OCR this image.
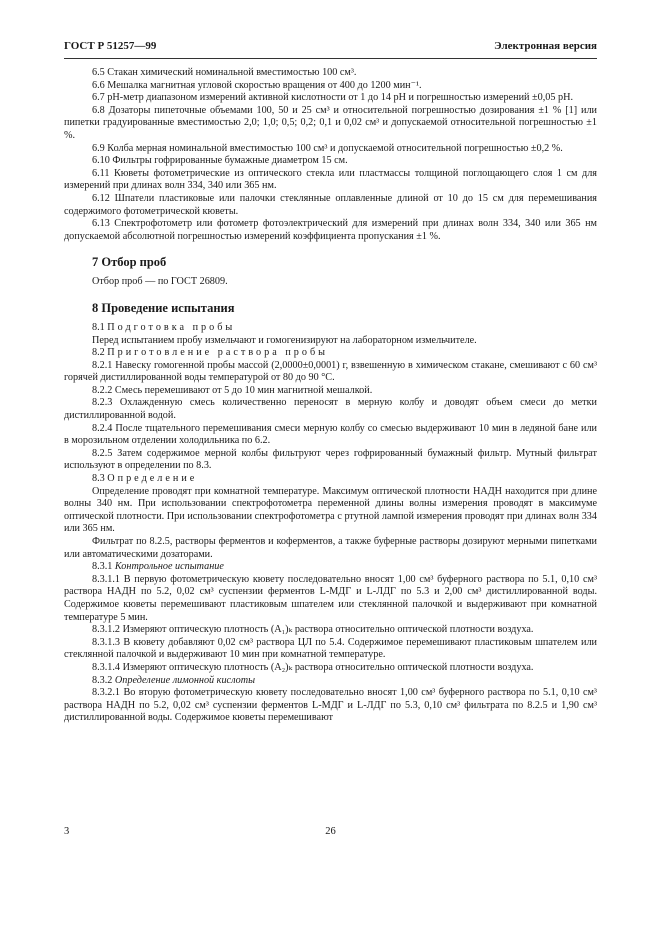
ГОСТ Р 51257—99	Электронная версия

6.5 Стакан химический номинальной вместимостью 100 см³.

6.6 Мешалка магнитная угловой скоростью вращения от 400 до 1200 мин⁻¹.

6.7 pH-метр диапазоном измерений активной кислотности от 1 до 14 pH и погрешностью измерений ±0,05 pH.

6.8 Дозаторы пипеточные объемами 100, 50 и 25 см³ и относительной погрешностью дозирования ±1 % [1] или пипетки градуированные вместимостью 2,0; 1,0; 0,5; 0,2; 0,1 и 0,02 см³ и допускаемой относительной погрешностью ±1 %.

6.9 Колба мерная номинальной вместимостью 100 см³ и допускаемой относительной погрешностью ±0,2 %.

6.10 Фильтры гофрированные бумажные диаметром 15 см.

6.11 Кюветы фотометрические из оптического стекла или пластмассы толщиной поглощающего слоя 1 см для измерений при длинах волн 334, 340 или 365 нм.

6.12 Шпатели пластиковые или палочки стеклянные оплавленные длиной от 10 до 15 см для перемешивания содержимого фотометрической кюветы.

6.13 Спектрофотометр или фотометр фотоэлектрический для измерений при длинах волн 334, 340 или 365 нм допускаемой абсолютной погрешностью измерений коэффициента пропускания ±1 %.

7 Отбор проб

Отбор проб — по ГОСТ 26809.

8 Проведение испытания

8.1 Подготовка пробы

Перед испытанием пробу измельчают и гомогенизируют на лабораторном измельчителе.

8.2 Приготовление раствора пробы

8.2.1 Навеску гомогенной пробы массой (2,0000±0,0001) г, взвешенную в химическом стакане, смешивают с 60 см³ горячей дистиллированной воды температурой от 80 до 90 °С.

8.2.2 Смесь перемешивают от 5 до 10 мин магнитной мешалкой.

8.2.3 Охлажденную смесь количественно переносят в мерную колбу и доводят объем смеси до метки дистиллированной водой.

8.2.4 После тщательного перемешивания смеси мерную колбу со смесью выдерживают 10 мин в ледяной бане или в морозильном отделении холодильника по 6.2.

8.2.5 Затем содержимое мерной колбы фильтруют через гофрированный бумажный фильтр. Мутный фильтрат используют в определении по 8.3.

8.3 Определение

Определение проводят при комнатной температуре. Максимум оптической плотности НАДН находится при длине волны 340 нм. При использовании спектрофотометра переменной длины волны измерения проводят в максимуме оптической плотности. При использовании спектрофотометра с ртутной лампой измерения проводят при длинах волн 334 или 365 нм.

Фильтрат по 8.2.5, растворы ферментов и коферментов, а также буферные растворы дозируют мерными пипетками или автоматическими дозаторами.

8.3.1 Контрольное испытание

8.3.1.1 В первую фотометрическую кювету последовательно вносят 1,00 см³ буферного раствора по 5.1, 0,10 см³ раствора НАДН по 5.2, 0,02 см³ суспензии ферментов L-МДГ и L-ЛДГ по 5.3 и 2,00 см³ дистиллированной воды. Содержимое кюветы перемешивают пластиковым шпателем или стеклянной палочкой и выдерживают при комнатной температуре 5 мин.

8.3.1.2 Измеряют оптическую плотность (A₁)ₖ раствора относительно оптической плотности воздуха.

8.3.1.3 В кювету добавляют 0,02 см³ раствора ЦЛ по 5.4. Содержимое перемешивают пластиковым шпателем или стеклянной палочкой и выдерживают 10 мин при комнатной температуре.

8.3.1.4 Измеряют оптическую плотность (A₂)ₖ раствора относительно оптической плотности воздуха.

8.3.2 Определение лимонной кислоты

8.3.2.1 Во вторую фотометрическую кювету последовательно вносят 1,00 см³ буферного раствора по 5.1, 0,10 см³ раствора НАДН по 5.2, 0,02 см³ суспензии ферментов L-МДГ и L-ЛДГ по 5.3, 0,10 см³ фильтрата по 8.2.5 и 1,90 см³ дистиллированной воды. Содержимое кюветы перемешивают

3	26
